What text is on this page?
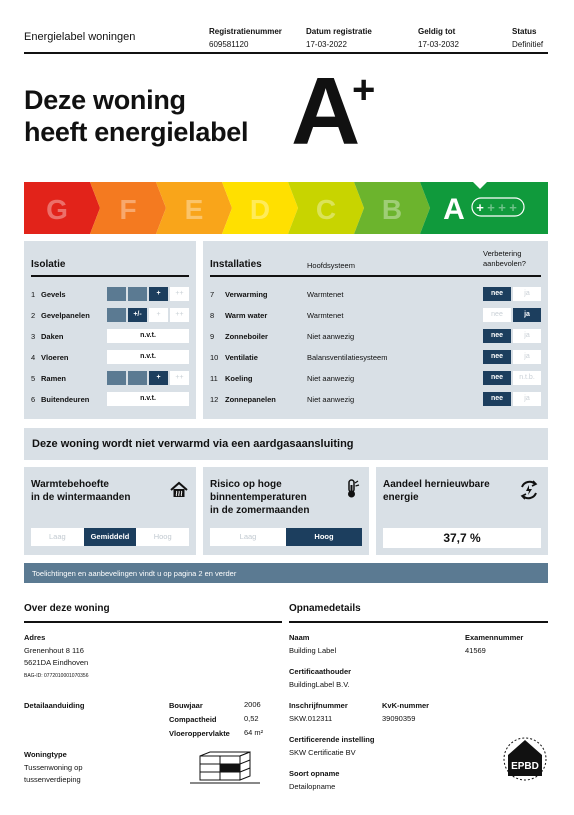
Energielabel woningen	Registratienummer
609581120
Datum registratie
17-03-2022
Geldig tot
17-03-2032
Status
Definitief
Deze woning
heeft energielabel A
+
G F E D C B A + + + +
Isolatie
1 Gevels	+	++
2 Gevelpanelen	+/-	+	++
3 Daken	n.v.t.
4 Vloeren	n.v.t.
5 Ramen	+	++
6 Buitendeuren	n.v.t.
Installaties	Hoofdsysteem
Verbetering aanbevolen?
7 Verwarming	Warmtenet	nee	ja
8 Warm water	Warmtenet	nee	ja
9 Zonneboiler	Niet aanwezig	nee	ja
10 Ventilatie	Balansventilatiesysteem	nee	ja
11 Koeling	Niet aanwezig	nee	n.t.b.
12 Zonnepanelen	Niet aanwezig	nee	ja
Deze woning wordt niet verwarmd via een aardgasaansluiting
Warmtebehoefte
in de wintermaanden
Laag	Gemiddeld	Hoog
Risico op hoge
binnentemperaturen
in de zomermaanden
Laag	Hoog
Aandeel hernieuwbare
energie
37,7 %
Toelichtingen en aanbevelingen vindt u op pagina 2 en verder
Over deze woning
Adres
Grenenhout 8 116
5621DA Eindhoven
BAG-ID: 0772010001070356
Detailaanduiding	Bouwjaar	2006
Compactheid	0,52
Vloeroppervlakte 64 m²
Woningtype
Tussenwoning op
tussenverdieping
Opnamedetails
Naam
Building Label
Examennummer
41569
Certificaathouder
BuildingLabel B.V.
Inschrijfnummer
SKW.012311
KvK-nummer
39090359
Certificerende instelling
SKW Certificatie BV
Soort opname
Detailopname
EPBD
